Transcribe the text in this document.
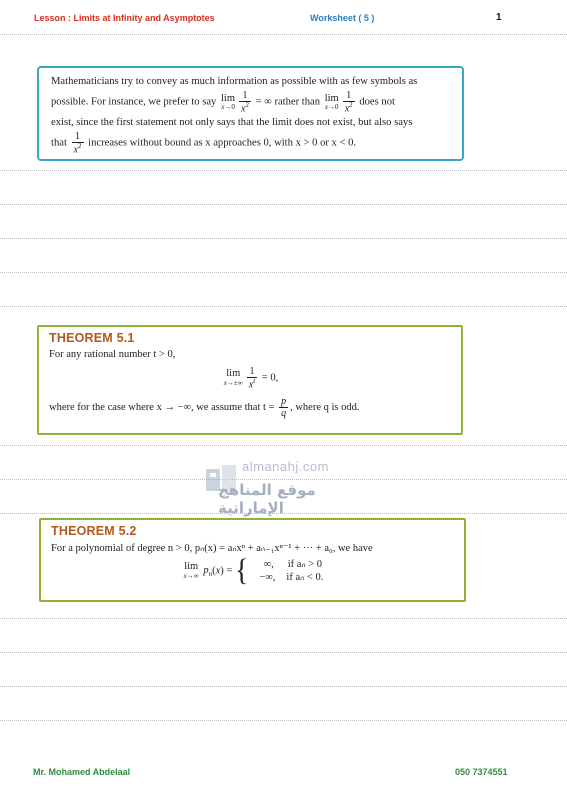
Lesson : Limits at Infinity and Asymptotes	Worksheet ( 5 )	1
Mathematicians try to convey as much information as possible with as few symbols as
possible. For instance, we prefer to say lim
$x\to 0 \frac{1}{x^2}$ = ∞ rather than lim
$x\to 0 \frac{1}{x^2}$ does not
exist, since the first statement not only says that the limit does not exist, but also says
that $\frac{1}{x^2}$ increases without bound as x approaches 0, with x > 0 or x < 0.
THEOREM 5.1
For any rational number t > 0,
lim
$x\to\pm\infty \frac{1}{x^t} = 0$,
where for the case where x → −∞, we assume that $t = \frac{p}{q}$ , where q is odd.
almanahj.com
موقع المناهج الإماراتية
THEOREM 5.2
For a polynomial of degree n > 0, pₙ(x) = aₙxⁿ + aₙ₋₁xⁿ⁻¹ + ··· + a₀, we have
lim
x→∞ $p_n(x)$ = {	∞, if aₙ > 0
−∞, if aₙ < 0.
Mr. Mohamed Abdelaal	050 7374551
